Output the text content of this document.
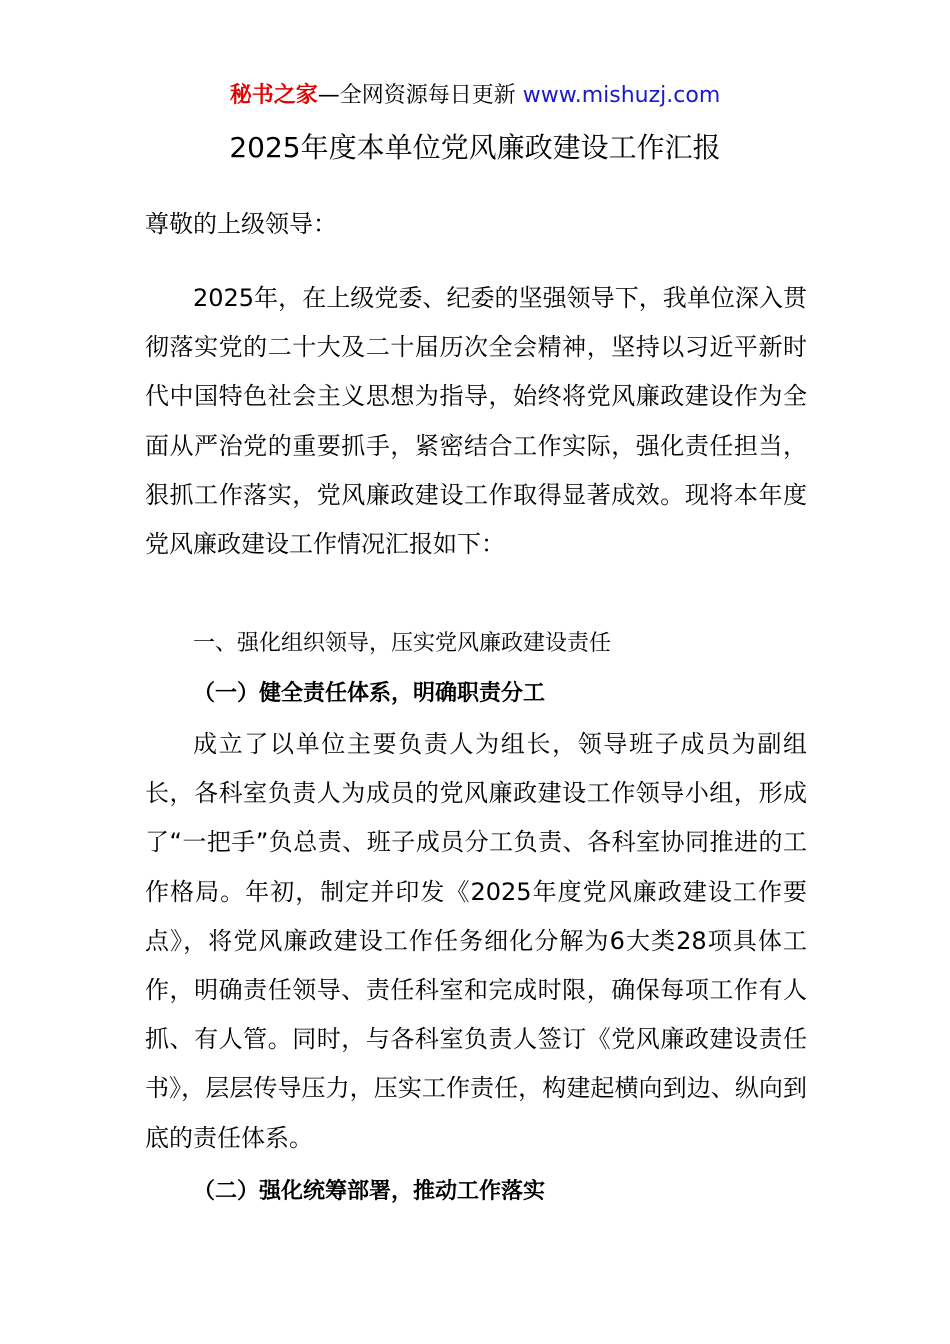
秘书之家—全网资源每日更新 www.mishuzj.com
2025年度本单位党风廉政建设工作汇报
尊敬的上级领导：
2025年，在上级党委、纪委的坚强领导下，我单位深入贯彻落实党的二十大及二十届历次全会精神，坚持以习近平新时代中国特色社会主义思想为指导，始终将党风廉政建设作为全面从严治党的重要抓手，紧密结合工作实际，强化责任担当，狠抓工作落实，党风廉政建设工作取得显著成效。现将本年度党风廉政建设工作情况汇报如下：
一、强化组织领导，压实党风廉政建设责任
（一）健全责任体系，明确职责分工
成立了以单位主要负责人为组长，领导班子成员为副组长，各科室负责人为成员的党风廉政建设工作领导小组，形成了“一把手”负总责、班子成员分工负责、各科室协同推进的工作格局。年初，制定并印发《2025年度党风廉政建设工作要点》，将党风廉政建设工作任务细化分解为6大类28项具体工作，明确责任领导、责任科室和完成时限，确保每项工作有人抓、有人管。同时，与各科室负责人签订《党风廉政建设责任书》，层层传导压力，压实工作责任，构建起横向到边、纵向到底的责任体系。
（二）强化统筹部署，推动工作落实
